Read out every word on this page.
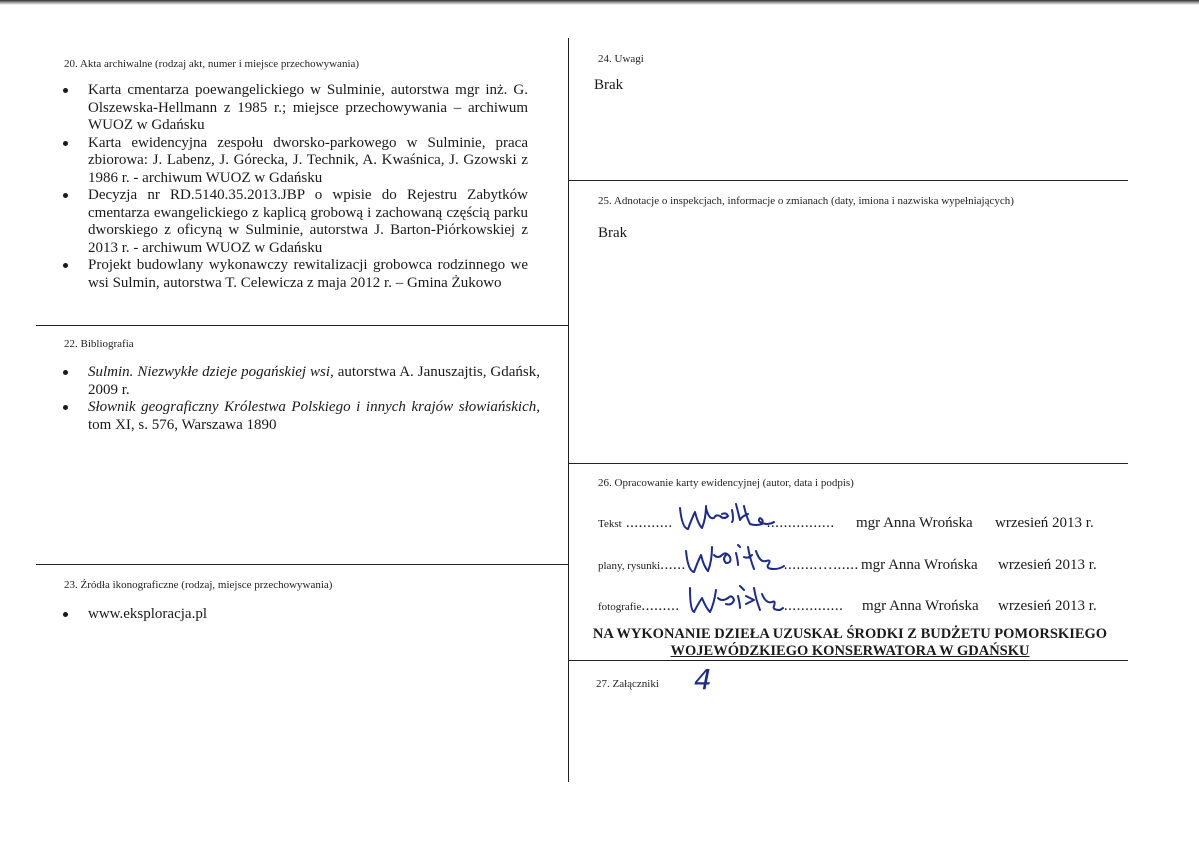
20. Akta archiwalne (rodzaj akt, numer i miejsce przechowywania)
Karta cmentarza poewangelickiego w Sulminie, autorstwa mgr inż. G. Olszewska-Hellmann z 1985 r.; miejsce przechowywania – archiwum WUOZ w Gdańsku
Karta ewidencyjna zespołu dworsko-parkowego w Sulminie, praca zbiorowa: J. Labenz, J. Górecka, J. Technik, A. Kwaśnica, J. Gzowski z 1986 r. - archiwum WUOZ w Gdańsku
Decyzja nr RD.5140.35.2013.JBP o wpisie do Rejestru Zabytków cmentarza ewangelickiego z kaplicą grobową i zachowaną częścią parku dworskiego z oficyną w Sulminie, autorstwa J. Barton-Piórkowskiej z 2013 r. - archiwum WUOZ w Gdańsku
Projekt budowlany wykonawczy rewitalizacji grobowca rodzinnego we wsi Sulmin, autorstwa T. Celewicza z maja 2012 r. – Gmina Żukowo
22. Bibliografia
Sulmin. Niezwykłe dzieje pogańskiej wsi, autorstwa A. Januszajtis, Gdańsk, 2009 r.
Słownik geograficzny Królestwa Polskiego i innych krajów słowiańskich, tom XI, s. 576, Warszawa 1890
23. Źródła ikonograficzne (rodzaj, miejsce przechowywania)
www.eksploracja.pl
24. Uwagi
Brak
25. Adnotacje o inspekcjach, informacje o zmianach (daty, imiona i nazwiska wypełniających)
Brak
26. Opracowanie karty ewidencyjnej (autor, data i podpis)
Tekst ...........	................ mgr Anna Wrońska wrzesień 2013 r.
plany, rysunki......	........…...... mgr Anna Wrońska wrzesień 2013 r.
fotografie.........	............... mgr Anna Wrońska wrzesień 2013 r.
NA WYKONANIE DZIEŁA UZUSKAŁ ŚRODKI Z BUDŻETU POMORSKIEGO
WOJEWÓDZKIEGO KONSERWATORA W GDAŃSKU
27. Załączniki 4
